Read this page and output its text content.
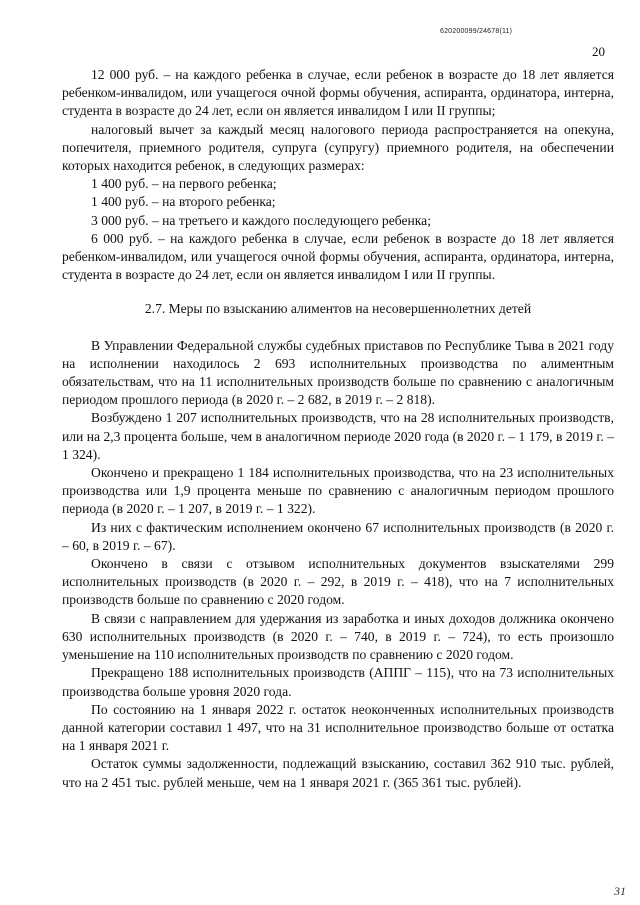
620200099/24678(11)
20

12 000 руб. – на каждого ребенка в случае, если ребенок в возрасте до 18 лет является ребенком-инвалидом, или учащегося очной формы обучения, аспиранта, ординатора, интерна, студента в возрасте до 24 лет, если он является инвалидом I или II группы;

налоговый вычет за каждый месяц налогового периода распространяется на опекуна, попечителя, приемного родителя, супруга (супругу) приемного родителя, на обеспечении которых находится ребенок, в следующих размерах:

1 400 руб. – на первого ребенка;

1 400 руб. – на второго ребенка;

3 000 руб. – на третьего и каждого последующего ребенка;

6 000 руб. – на каждого ребенка в случае, если ребенок в возрасте до 18 лет является ребенком-инвалидом, или учащегося очной формы обучения, аспиранта, ординатора, интерна, студента в возрасте до 24 лет, если он является инвалидом I или II группы.

2.7. Меры по взысканию алиментов на несовершеннолетних детей

В Управлении Федеральной службы судебных приставов по Республике Тыва в 2021 году на исполнении находилось 2 693 исполнительных производства по алиментным обязательствам, что на 11 исполнительных производств больше по сравнению с аналогичным периодом прошлого периода (в 2020 г. – 2 682, в 2019 г. – 2 818).

Возбуждено 1 207 исполнительных производств, что на 28 исполнительных производств, или на 2,3 процента больше, чем в аналогичном периоде 2020 года (в 2020 г. – 1 179, в 2019 г. – 1 324).

Окончено и прекращено 1 184 исполнительных производства, что на 23 исполнительных производства или 1,9 процента меньше по сравнению с аналогичным периодом прошлого периода (в 2020 г. – 1 207, в 2019 г. – 1 322).

Из них с фактическим исполнением окончено 67 исполнительных производств (в 2020 г. – 60, в 2019 г. – 67).

Окончено в связи с отзывом исполнительных документов взыскателями 299 исполнительных производств (в 2020 г. – 292, в 2019 г. – 418), что на 7 исполнительных производств больше по сравнению с 2020 годом.

В связи с направлением для удержания из заработка и иных доходов должника окончено 630 исполнительных производств (в 2020 г. – 740, в 2019 г. – 724), то есть произошло уменьшение на 110 исполнительных производств по сравнению с 2020 годом.

Прекращено 188 исполнительных производств (АППГ – 115), что на 73 исполнительных производства больше уровня 2020 года.

По состоянию на 1 января 2022 г. остаток неоконченных исполнительных производств данной категории составил 1 497, что на 31 исполнительное производство больше от остатка на 1 января 2021 г.

Остаток суммы задолженности, подлежащий взысканию, составил 362 910 тыс. рублей, что на 2 451 тыс. рублей меньше, чем на 1 января 2021 г. (365 361 тыс. рублей).

31
